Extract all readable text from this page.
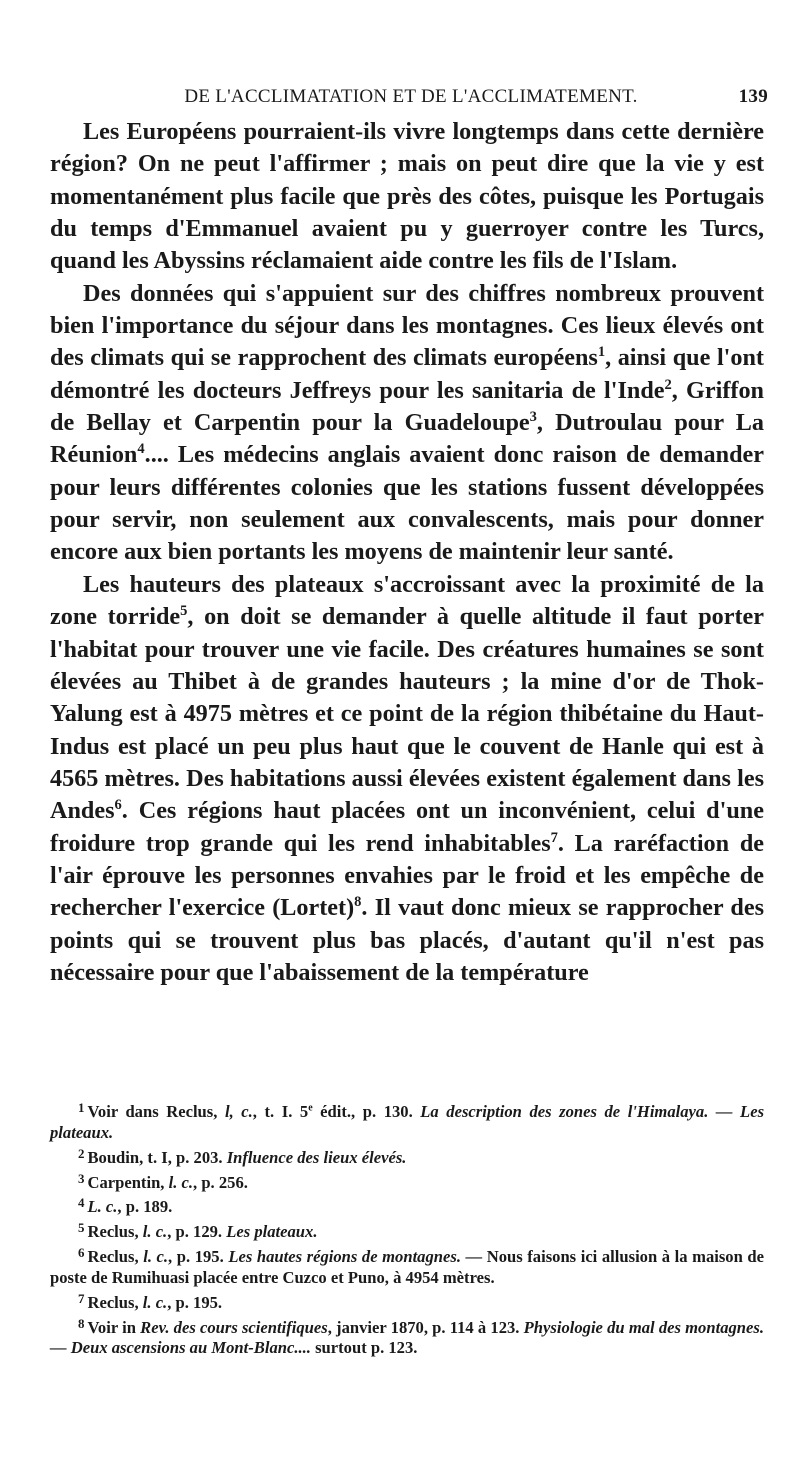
DE L'ACCLIMATATION ET DE L'ACCLIMATEMENT.	139

Les Européens pourraient-ils vivre longtemps dans cette dernière région? On ne peut l'affirmer ; mais on peut dire que la vie y est momentanément plus facile que près des côtes, puisque les Portugais du temps d'Emmanuel avaient pu y guerroyer contre les Turcs, quand les Abyssins réclamaient aide contre les fils de l'Islam.

Des données qui s'appuient sur des chiffres nombreux prouvent bien l'importance du séjour dans les montagnes. Ces lieux élevés ont des climats qui se rapprochent des climats européens$^1$, ainsi que l'ont démontré les docteurs Jeffreys pour les sanitaria de l'Inde$^2$, Griffon de Bellay et Carpentin pour la Guadeloupe$^3$, Dutroulau pour La Réunion$^4$.... Les médecins anglais avaient donc raison de demander pour leurs différentes colonies que les stations fussent développées pour servir, non seulement aux convalescents, mais pour donner encore aux bien portants les moyens de maintenir leur santé.

Les hauteurs des plateaux s'accroissant avec la proximité de la zone torride$^5$, on doit se demander à quelle altitude il faut porter l'habitat pour trouver une vie facile. Des créatures humaines se sont élevées au Thibet à de grandes hauteurs ; la mine d'or de Thok-Yalung est à 4975 mètres et ce point de la région thibétaine du Haut-Indus est placé un peu plus haut que le couvent de Hanle qui est à 4565 mètres. Des habitations aussi élevées existent également dans les Andes$^6$. Ces régions haut placées ont un inconvénient, celui d'une froidure trop grande qui les rend inhabitables$^7$. La raréfaction de l'air éprouve les personnes envahies par le froid et les empêche de rechercher l'exercice (Lortet)$^8$. Il vaut donc mieux se rapprocher des points qui se trouvent plus bas placés, d'autant qu'il n'est pas nécessaire pour que l'abaissement de la température

$^1$ Voir dans Reclus, l, c., t. I. 5e édit., p. 130. La description des zones de l'Himalaya. — Les plateaux.
$^2$ Boudin, t. I, p. 203. Influence des lieux élevés.
$^3$ Carpentin, l. c., p. 256.
$^4$ L. c., p. 189.
$^5$ Reclus, l. c., p. 129. Les plateaux.
$^6$ Reclus, l. c., p. 195. Les hautes régions de montagnes. — Nous faisons ici allusion à la maison de poste de Rumihuasi placée entre Cuzco et Puno, à 4954 mètres.
$^7$ Reclus, l. c., p. 195.
$^8$ Voir in Rev. des cours scientifiques, janvier 1870, p. 114 à 123. Physiologie du mal des montagnes. — Deux ascensions au Mont-Blanc.... surtout p. 123.
